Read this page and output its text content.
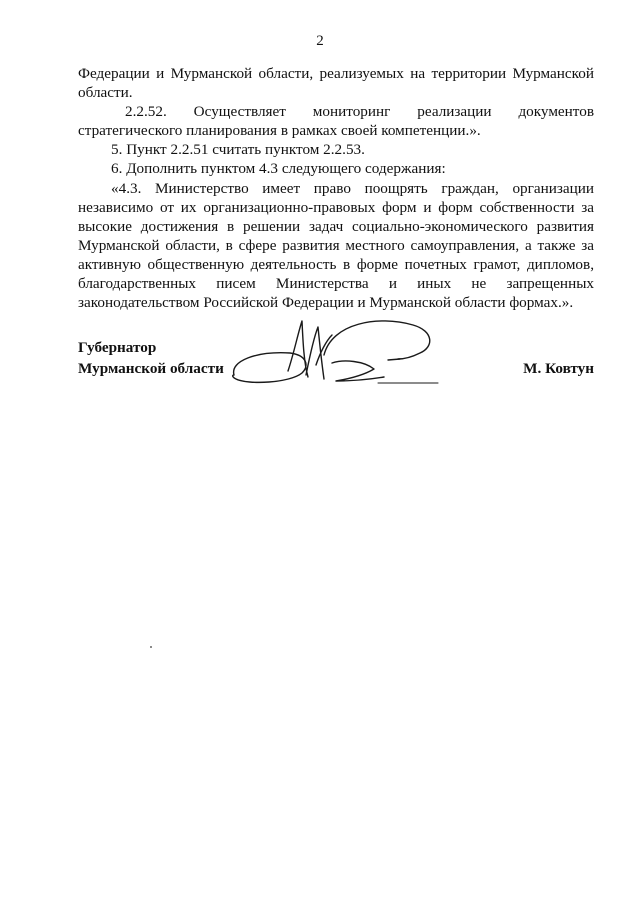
2

Федерации и Мурманской области, реализуемых на территории Мурманской области.

2.2.52. Осуществляет мониторинг реализации документов

стратегического планирования в рамках своей компетенции.».

5. Пункт 2.2.51 считать пунктом 2.2.53.

6. Дополнить пунктом 4.3 следующего содержания:

«4.3. Министерство имеет право поощрять граждан, организации независимо от их организационно-правовых форм и форм собственности за высокие достижения в решении задач социально-экономического развития Мурманской области, в сфере развития местного самоуправления, а также за активную общественную деятельность в форме почетных грамот, дипломов, благодарственных писем Министерства и иных не запрещенных законодательством Российской Федерации и Мурманской области формах.».

Губернатор
Мурманской области	М. Ковтун
